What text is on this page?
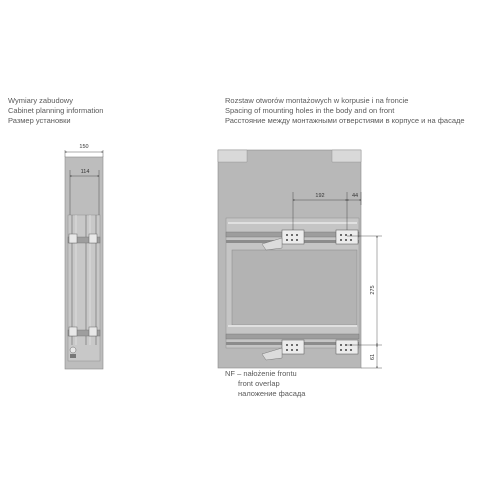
Wymiary zabudowy
Cabinet planning information
Размер установки
Rozstaw otworów montażowych w korpusie i na froncie
Spacing of mounting holes in the body and on front
Расстояние между монтажными отверстиями в корпусе и на фасаде
NF – nałożenie frontu
front overlap
наложение фасада
150
114
192	44
275
61
